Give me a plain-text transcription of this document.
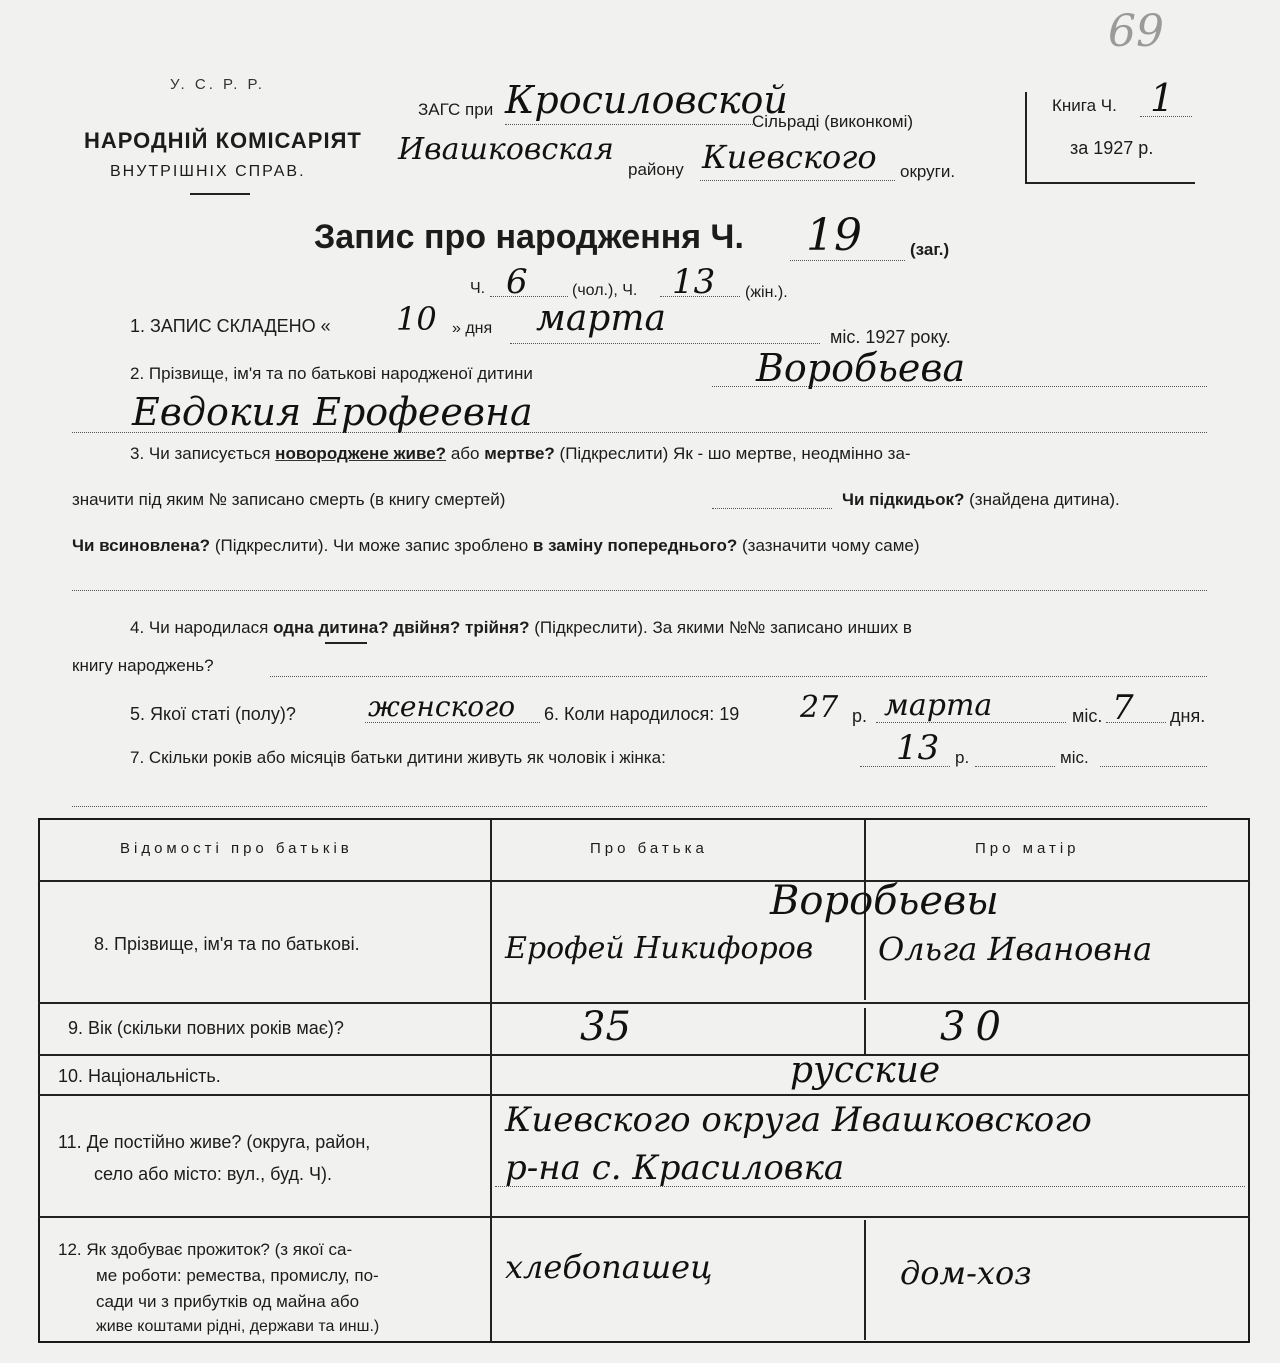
69
У. С. Р. Р.
НАРОДНІЙ КОМІСАРІЯТ
ВНУТРІШНІХ СПРАВ.
ЗАГС при Кросиловской
Сільраді (виконкомі)
Ивашковская
районy Киевского округи.
Книга Ч. 1
за 1927 р.
Запис про народження Ч. 19	(заг.)
Ч. 6	(чол.), Ч. 13 (жін.).
1. ЗАПИС СКЛАДЕНО « 10 » дня марта	міс. 1927 року.
2. Прізвище, ім'я та по батькові народженої дитини	Воробьева
Евдокия Ерофеевна
3. Чи записується новороджене живе? або мертве? (Підкреслити) Як - шо мертве, неодмінно за-
значити під яким № записано смерть (в книгу смертей)	Чи підкидьок? (знайдена дитина).
Чи всиновлена? (Підкреслити). Чи може запис зроблено в заміну попереднього? (зазначити чому саме)
4. Чи народилася одна дитина? двійня? трійня? (Підкреслити). За якими №№ записано инших в
книгу народжень?
5. Якої статі (полу)?	женского 6. Коли народилося: 19 27 р. марта	міс. 7 дня.
7. Скільки років або місяців батьки дитини живуть як чоловік і жінка:	13 р.	міс.
Відомості про батьків	Про батька	Про матір
8. Прізвище, ім'я та по батькові.
Воробьевы
Ерофей Никифоров	Ольга Ивановна
9. Вік (скільки повних років має)?	35	30
10. Національність.	русские
11. Де постійно живе? (округа, район,
село або місто: вул., буд. Ч).
Киевского округа Ивашковского
р-на с. Красиловка
12. Як здобуває прожиток? (з якої са-
ме роботи: ремества, промислу, по-
сади чи з прибутків од майна або
живе коштами рідні, держави та инш.)
хлебопашец	дом-хоз
